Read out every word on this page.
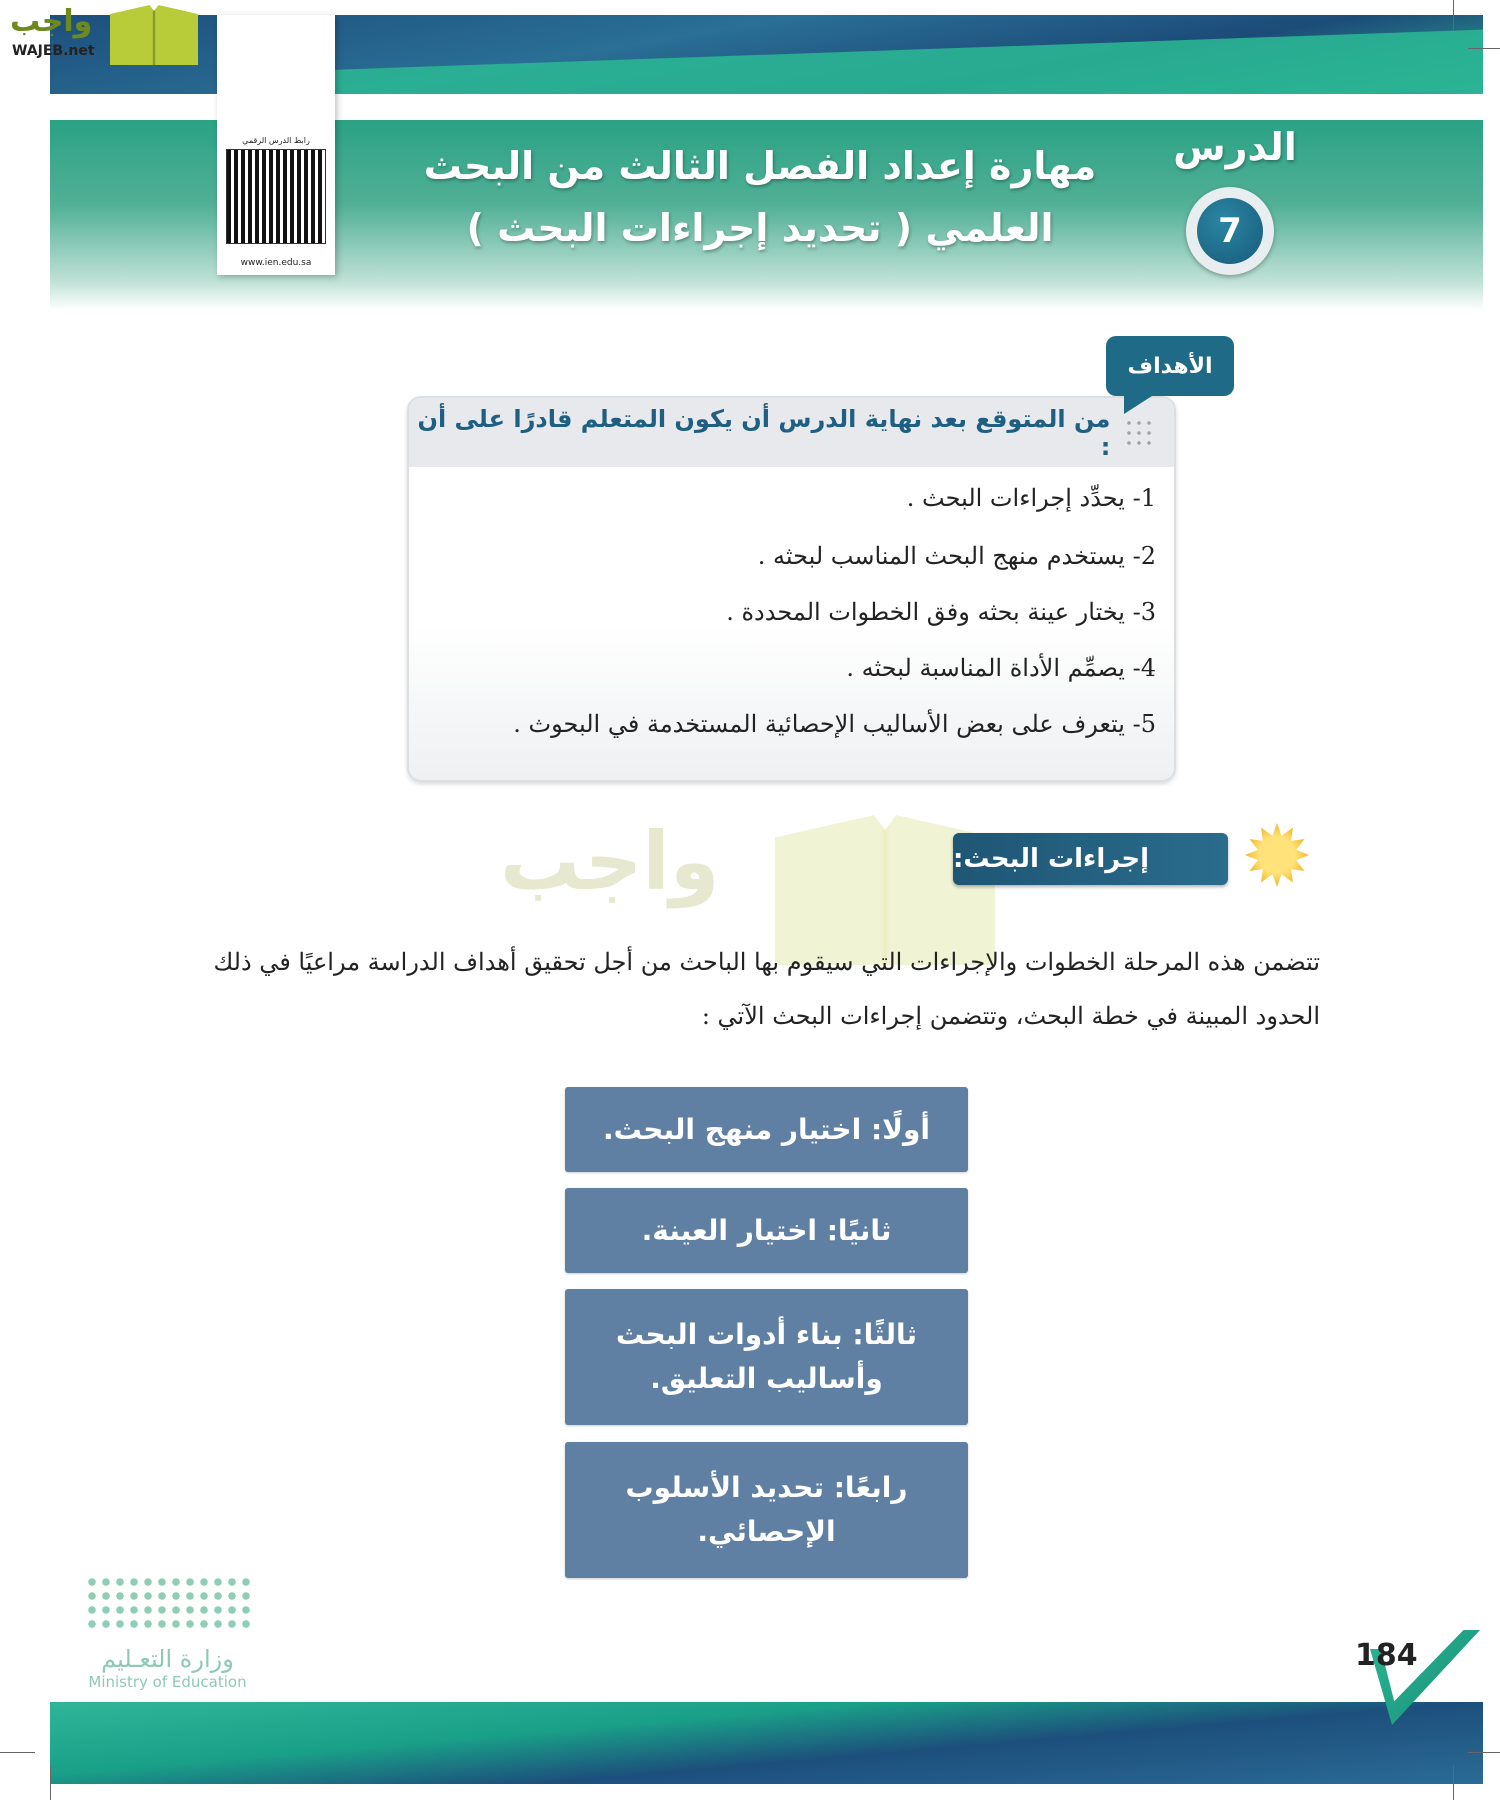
واجب
WAJEB.net
رابط الدرس الرقمي
www.ien.edu.sa
مهارة إعداد الفصل الثالث من البحث
العلمي ( تحديد إجراءات البحث )
الدرس
7
من المتوقع بعد نهاية الدرس أن يكون المتعلم قادرًا على أن :
1- يحدِّد إجراءات البحث .
2- يستخدم منهج البحث المناسب لبحثه .
3- يختار عينة بحثه وفق الخطوات المحددة .
4- يصمِّم الأداة المناسبة لبحثه .
5- يتعرف على بعض الأساليب الإحصائية المستخدمة في البحوث .
الأهداف
واجب	إجراءات البحث:
تتضمن هذه المرحلة الخطوات والإجراءات التي سيقوم بها الباحث من أجل تحقيق أهداف الدراسة مراعيًا في ذلك الحدود المبينة في خطة البحث، وتتضمن إجراءات البحث الآتي :
أولًا: اختيار منهج البحث.
ثانيًا: اختيار العينة.
ثالثًا: بناء أدوات البحث وأساليب التعليق.
رابعًا: تحديد الأسلوب الإحصائي.
وزارة التعـليم
Ministry of Education
184
